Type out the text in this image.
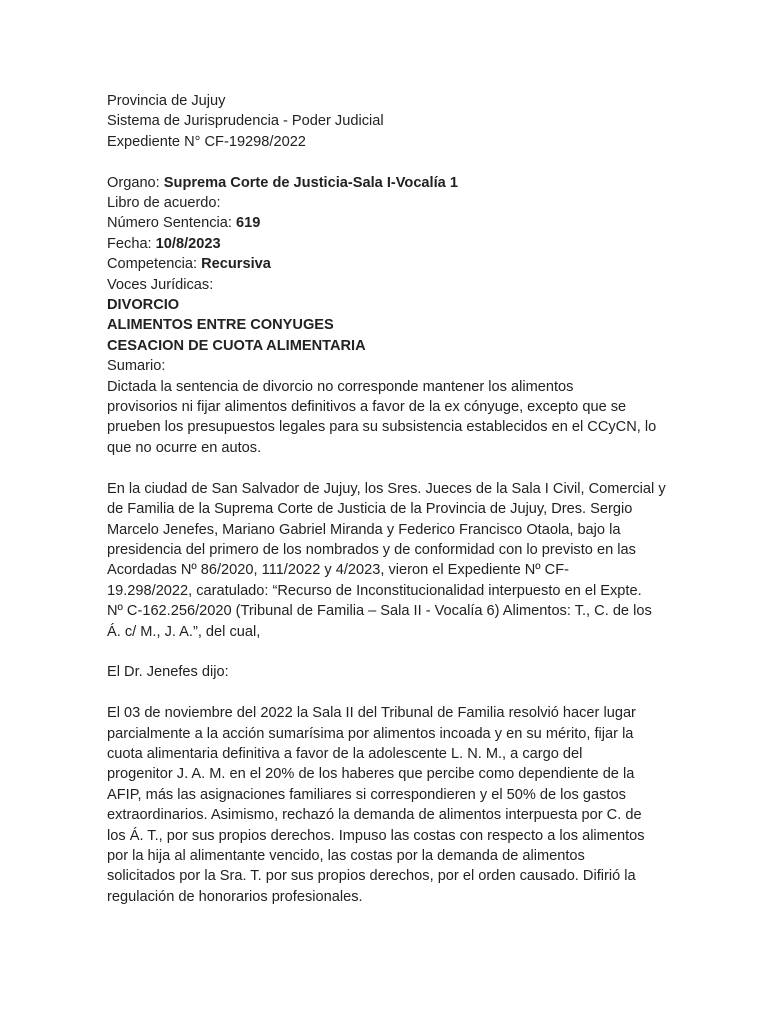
Provincia de Jujuy
Sistema de Jurisprudencia - Poder Judicial
Expediente N° CF-19298/2022
Organo: Suprema Corte de Justicia-Sala I-Vocalía 1
Libro de acuerdo:
Número Sentencia: 619
Fecha: 10/8/2023
Competencia: Recursiva
Voces Jurídicas:
DIVORCIO
ALIMENTOS ENTRE CONYUGES
CESACION DE CUOTA ALIMENTARIA
Sumario:
Dictada la sentencia de divorcio no corresponde mantener los alimentos
provisorios ni fijar alimentos definitivos a favor de la ex cónyuge, excepto que se
prueben los presupuestos legales para su subsistencia establecidos en el CCyCN, lo
que no ocurre en autos.
En la ciudad de San Salvador de Jujuy, los Sres. Jueces de la Sala I Civil, Comercial y
de Familia de la Suprema Corte de Justicia de la Provincia de Jujuy, Dres. Sergio
Marcelo Jenefes, Mariano Gabriel Miranda y Federico Francisco Otaola, bajo la
presidencia del primero de los nombrados y de conformidad con lo previsto en las
Acordadas Nº 86/2020, 111/2022 y 4/2023, vieron el Expediente Nº CF-
19.298/2022, caratulado: “Recurso de Inconstitucionalidad interpuesto en el Expte.
Nº C-162.256/2020 (Tribunal de Familia – Sala II - Vocalía 6) Alimentos: T., C. de los
Á. c/ M., J. A.”, del cual,
El Dr. Jenefes dijo:
El 03 de noviembre del 2022 la Sala II del Tribunal de Familia resolvió hacer lugar
parcialmente a la acción sumarísima por alimentos incoada y en su mérito, fijar la
cuota alimentaria definitiva a favor de la adolescente L. N. M., a cargo del
progenitor J. A. M. en el 20% de los haberes que percibe como dependiente de la
AFIP, más las asignaciones familiares si correspondieren y el 50% de los gastos
extraordinarios. Asimismo, rechazó la demanda de alimentos interpuesta por C. de
los Á. T., por sus propios derechos. Impuso las costas con respecto a los alimentos
por la hija al alimentante vencido, las costas por la demanda de alimentos
solicitados por la Sra. T. por sus propios derechos, por el orden causado. Difirió la
regulación de honorarios profesionales.
